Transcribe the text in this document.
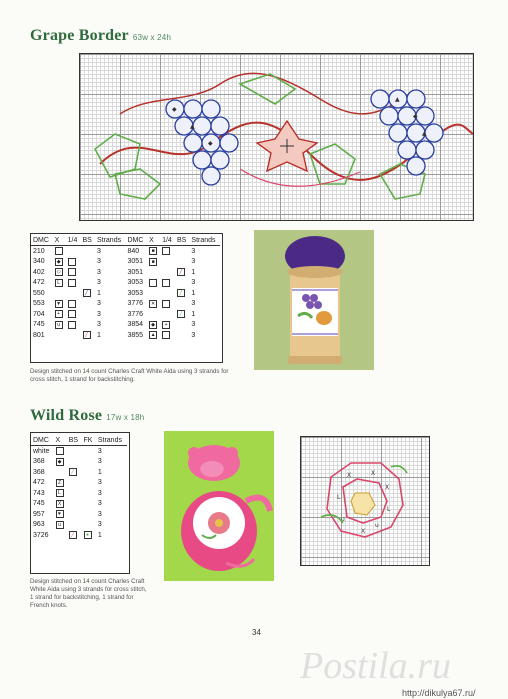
Grape Border 63w x 24h
◆
▲
◆
▲
◆
▲
DMC	X	1/4	BS	Strands	DMC	X	1/4	BS	Strands
210				3	840	■			3
340	◆			3	3051	■			3
402	◇			3	3051			╱	1
472	L			3	3053				3
550			╱	1	3053			╱	1
553	▼			3	3776	✕			3
704	+			3	3776			╱	1
745	u			3	3854	◆	+		3
801			╱	1	3855	▲			3
Design stitched on 14 count Charles Craft White Aida using 3 strands for cross stitch, 1 strand for backstitching.
Wild Rose 17w x 18h
DMC	X	BS	FK	Strands
white				3
368	◆			3
368		╱		1
472	Z			3
743	L			3
745	X			3
957	♥			3
963	u			3
3726		╱	●	1
Design stitched on 14 count Charles Craft White Aida using 3 strands for cross stitch, 1 strand for backstitching, 1 strand for French knots.
X	X
X
L
L
X
u
u
34
Postila.ru
http://dikulya67.ru/
